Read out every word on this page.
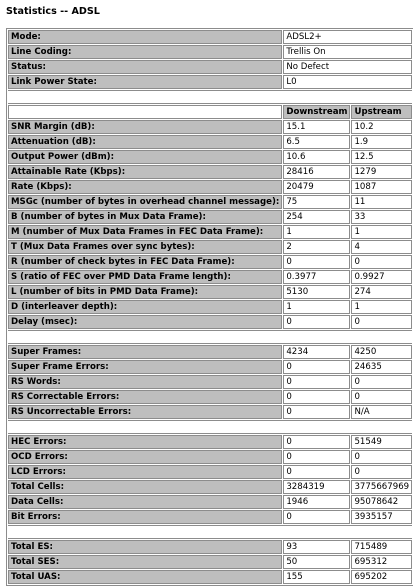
Statistics -- ADSL
Mode:	ADSL2+	
Line Coding:	Trellis On	
Status:	No Defect	
Link Power State:	L0	

	Downstream	Upstream
SNR Margin (dB):	15.1	10.2
Attenuation (dB):	6.5	1.9
Output Power (dBm):	10.6	12.5
Attainable Rate (Kbps):	28416	1279
Rate (Kbps):	20479	1087
MSGc (number of bytes in overhead channel message):	75	11
B (number of bytes in Mux Data Frame):	254	33
M (number of Mux Data Frames in FEC Data Frame):	1	1
T (Mux Data Frames over sync bytes):	2	4
R (number of check bytes in FEC Data Frame):	0	0
S (ratio of FEC over PMD Data Frame length):	0.3977	0.9927
L (number of bits in PMD Data Frame):	5130	274
D (interleaver depth):	1	1
Delay (msec):	0	0

Super Frames:	4234	4250
Super Frame Errors:	0	24635
RS Words:	0	0
RS Correctable Errors:	0	0
RS Uncorrectable Errors:	0	N/A

HEC Errors:	0	51549
OCD Errors:	0	0
LCD Errors:	0	0
Total Cells:	3284319	3775667969
Data Cells:	1946	95078642
Bit Errors:	0	3935157

Total ES:	93	715489
Total SES:	50	695312
Total UAS:	155	695202
